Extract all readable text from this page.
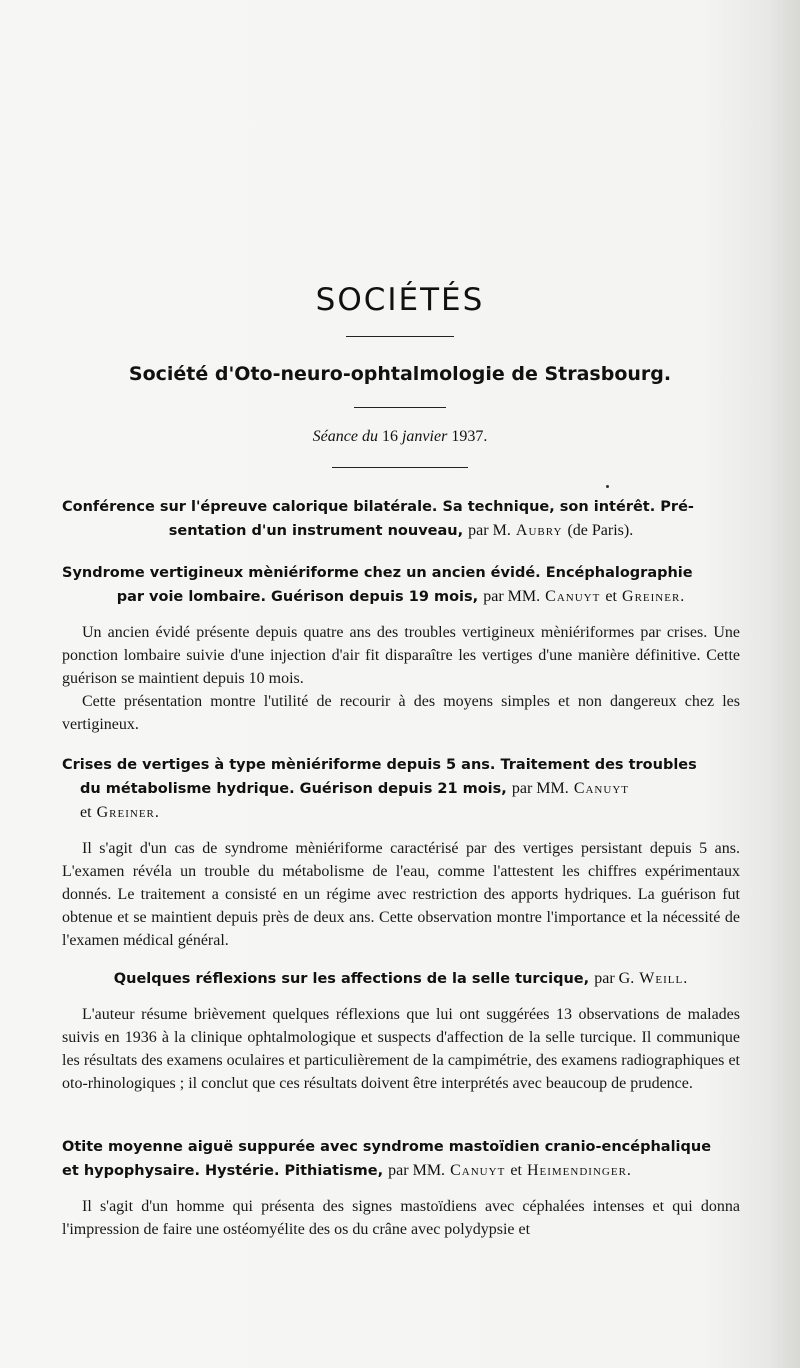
SOCIÉTÉS
Société d'Oto-neuro-ophtalmologie de Strasbourg.
Séance du 16 janvier 1937.
Conférence sur l'épreuve calorique bilatérale. Sa technique, son intérêt. Pré-
sentation d'un instrument nouveau, par M. Aubry (de Paris).
Syndrome vertigineux mèniériforme chez un ancien évidé. Encéphalographie
par voie lombaire. Guérison depuis 19 mois, par MM. Canuyt et Greiner.

Un ancien évidé présente depuis quatre ans des troubles vertigineux mèniériformes par crises. Une ponction lombaire suivie d'une injection d'air fit disparaître les vertiges d'une manière définitive. Cette guérison se maintient depuis 10 mois.

Cette présentation montre l'utilité de recourir à des moyens simples et non dangereux chez les vertigineux.

Crises de vertiges à type mèniériforme depuis 5 ans. Traitement des troubles
du métabolisme hydrique. Guérison depuis 21 mois, par MM. Canuyt
et Greiner.

Il s'agit d'un cas de syndrome mèniériforme caractérisé par des vertiges persistant depuis 5 ans. L'examen révéla un trouble du métabolisme de l'eau, comme l'attestent les chiffres expérimentaux donnés. Le traitement a consisté en un régime avec restriction des apports hydriques. La guérison fut obtenue et se maintient depuis près de deux ans. Cette observation montre l'importance et la nécessité de l'examen médical général.

Quelques réflexions sur les affections de la selle turcique, par G. Weill.

L'auteur résume brièvement quelques réflexions que lui ont suggérées 13 observations de malades suivis en 1936 à la clinique ophtalmologique et suspects d'affection de la selle turcique. Il communique les résultats des examens oculaires et particulièrement de la campimétrie, des examens radiographiques et oto-rhinologiques ; il conclut que ces résultats doivent être interprétés avec beaucoup de prudence.

Otite moyenne aiguë suppurée avec syndrome mastoïdien cranio-encéphalique
et hypophysaire. Hystérie. Pithiatisme, par MM. Canuyt et Heimendinger.

Il s'agit d'un homme qui présenta des signes mastoïdiens avec céphalées intenses et qui donna l'impression de faire une ostéomyélite des os du crâne avec polydypsie et
